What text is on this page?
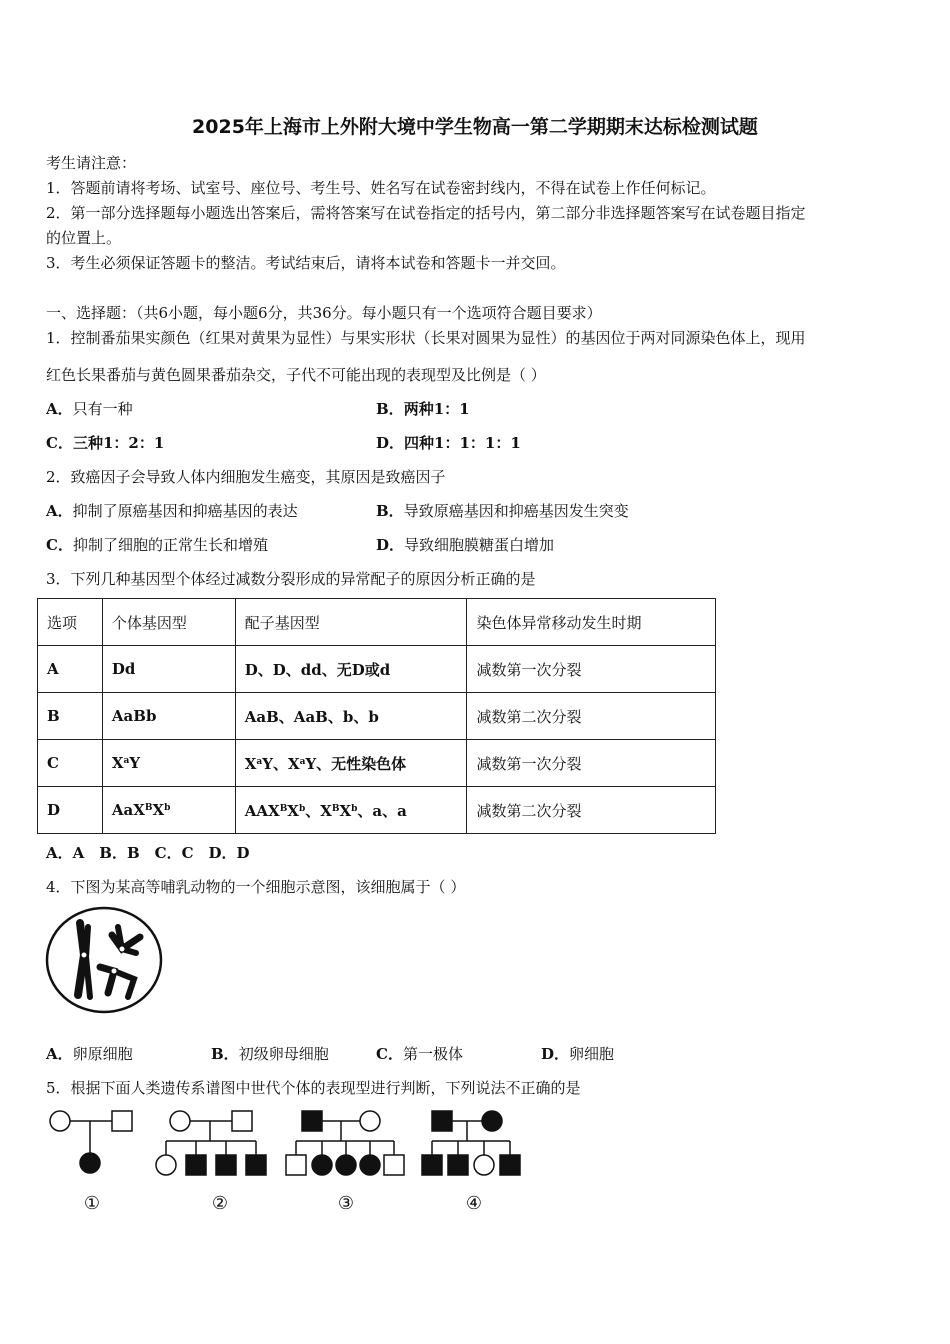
2025年上海市上外附大境中学生物高一第二学期期末达标检测试题
考生请注意：
1．答题前请将考场、试室号、座位号、考生号、姓名写在试卷密封线内，不得在试卷上作任何标记。
2．第一部分选择题每小题选出答案后，需将答案写在试卷指定的括号内，第二部分非选择题答案写在试卷题目指定
的位置上。
3．考生必须保证答题卡的整洁。考试结束后，请将本试卷和答题卡一并交回。
一、选择题：（共6小题，每小题6分，共36分。每小题只有一个选项符合题目要求）
1．控制番茄果实颜色（红果对黄果为显性）与果实形状（长果对圆果为显性）的基因位于两对同源染色体上，现用
红色长果番茄与黄色圆果番茄杂交，子代不可能出现的表现型及比例是（ ）
A．只有一种	B．两种1：1
C．三种1：2：1	D．四种1：1：1：1
2．致癌因子会导致人体内细胞发生癌变，其原因是致癌因子
A．抑制了原癌基因和抑癌基因的表达	B．导致原癌基因和抑癌基因发生突变
C．抑制了细胞的正常生长和增殖	D．导致细胞膜糖蛋白增加
3．下列几种基因型个体经过减数分裂形成的异常配子的原因分析正确的是
选项	个体基因型	配子基因型	染色体异常移动发生时期
A	Dd	D、D、dd、无D或d	减数第一次分裂
B	AaBb	AaB、AaB、b、b	减数第二次分裂
C	$X^aY$	$X^aY$、$X^aY$、无性染色体	减数第一次分裂
D	$AaX^BX^b$	$AAX^BX^b$、$X^BX^b$、a、a	减数第二次分裂
A．A　B．B　C．C　D．D
4．下图为某高等哺乳动物的一个细胞示意图，该细胞属于（ ）
A．卵原细胞	B．初级卵母细胞	C．第一极体	D．卵细胞
5．根据下面人类遗传系谱图中世代个体的表现型进行判断，下列说法不正确的是
①	②	③	④
